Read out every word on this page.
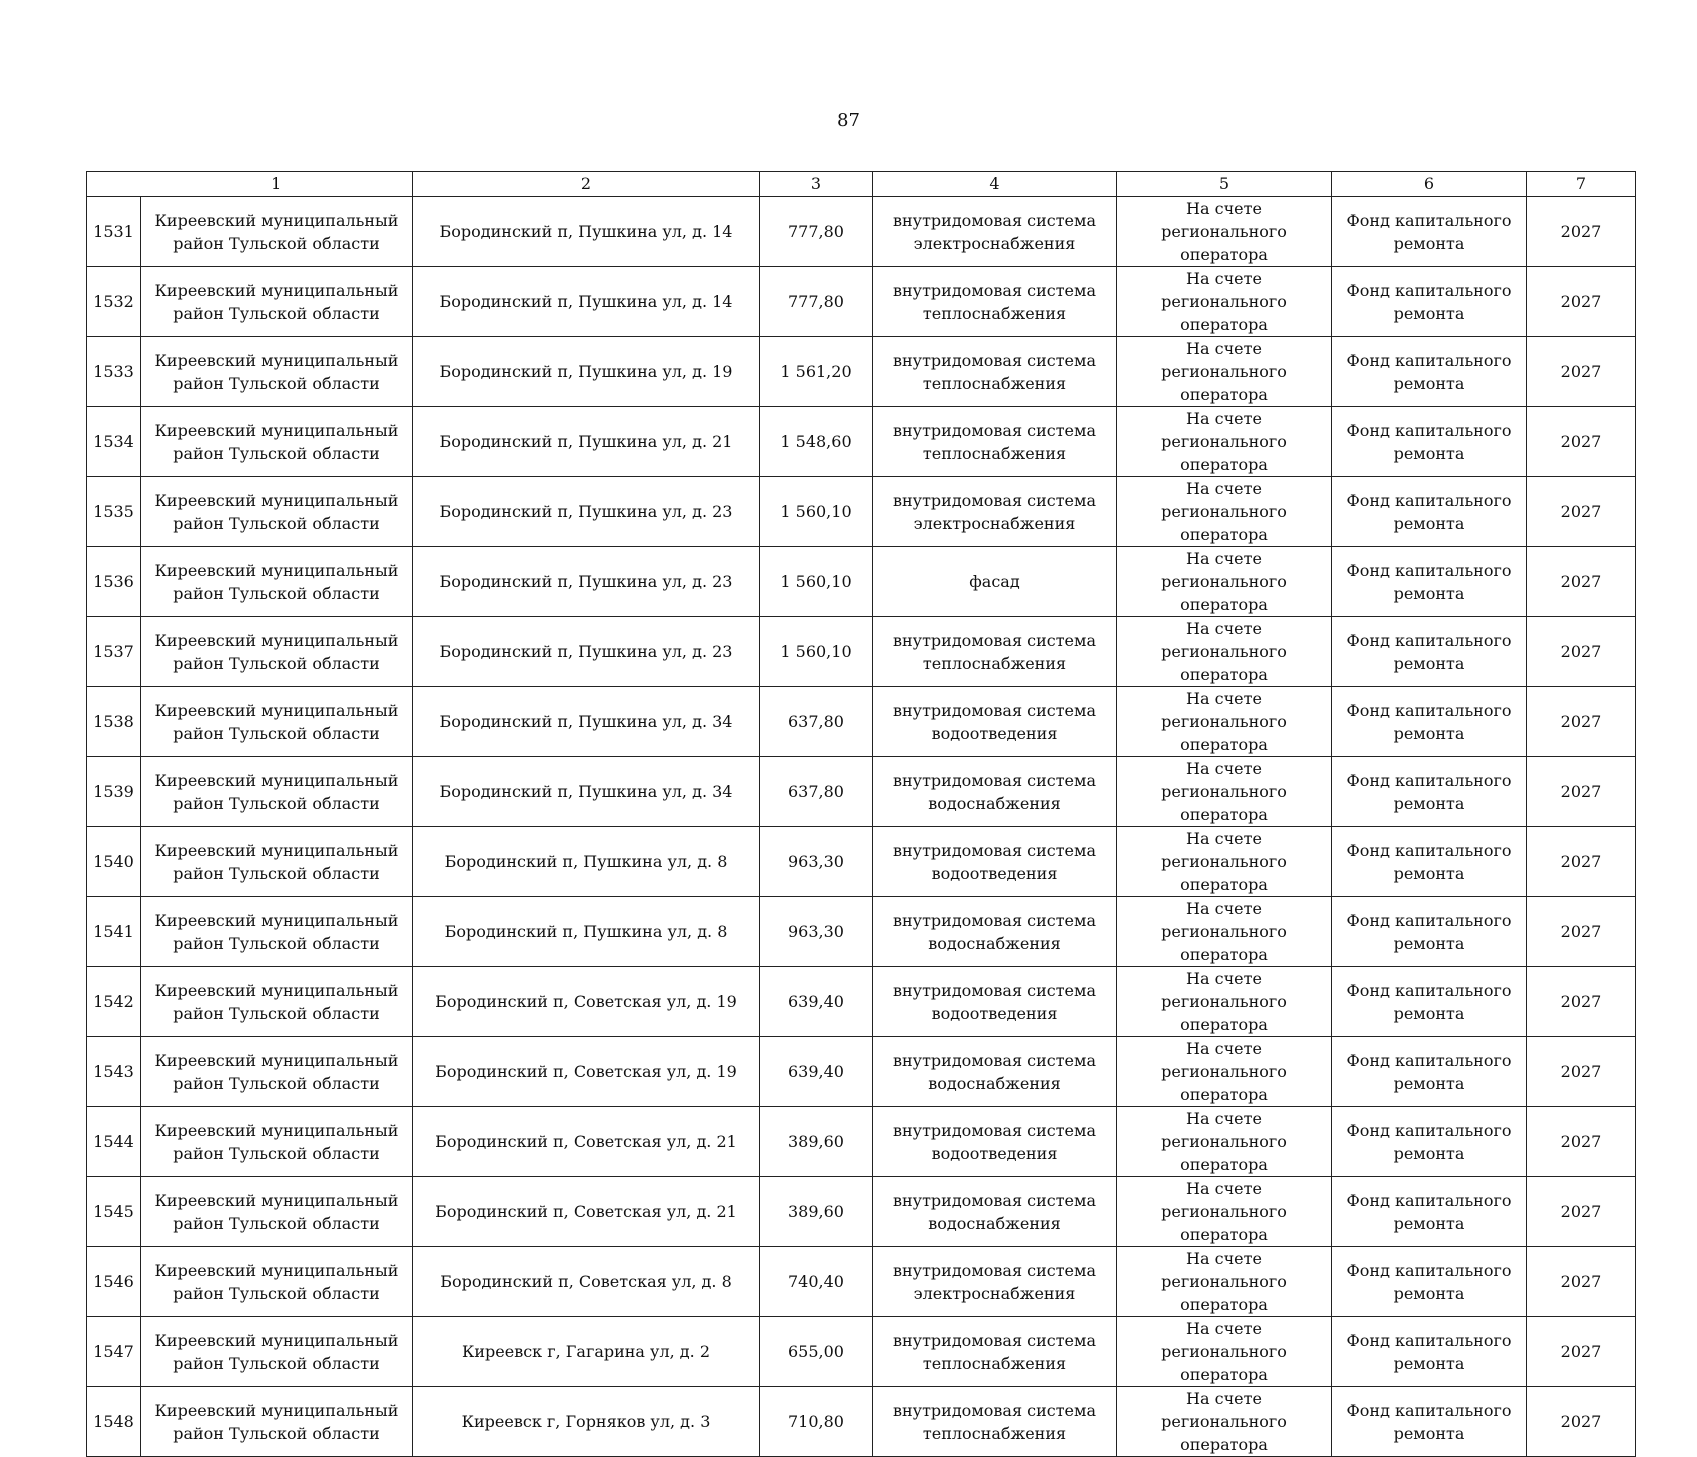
87
	1	2	3	4	5	6	7
1531	Киреевский муниципальный район Тульской области	Бородинский п, Пушкина ул, д. 14	777,80	внутридомовая система электроснабжения	На счете регионального оператора	Фонд капитального ремонта	2027
1532	Киреевский муниципальный район Тульской области	Бородинский п, Пушкина ул, д. 14	777,80	внутридомовая система теплоснабжения	На счете регионального оператора	Фонд капитального ремонта	2027
1533	Киреевский муниципальный район Тульской области	Бородинский п, Пушкина ул, д. 19	1 561,20	внутридомовая система теплоснабжения	На счете регионального оператора	Фонд капитального ремонта	2027
1534	Киреевский муниципальный район Тульской области	Бородинский п, Пушкина ул, д. 21	1 548,60	внутридомовая система теплоснабжения	На счете регионального оператора	Фонд капитального ремонта	2027
1535	Киреевский муниципальный район Тульской области	Бородинский п, Пушкина ул, д. 23	1 560,10	внутридомовая система электроснабжения	На счете регионального оператора	Фонд капитального ремонта	2027
1536	Киреевский муниципальный район Тульской области	Бородинский п, Пушкина ул, д. 23	1 560,10	фасад	На счете регионального оператора	Фонд капитального ремонта	2027
1537	Киреевский муниципальный район Тульской области	Бородинский п, Пушкина ул, д. 23	1 560,10	внутридомовая система теплоснабжения	На счете регионального оператора	Фонд капитального ремонта	2027
1538	Киреевский муниципальный район Тульской области	Бородинский п, Пушкина ул, д. 34	637,80	внутридомовая система водоотведения	На счете регионального оператора	Фонд капитального ремонта	2027
1539	Киреевский муниципальный район Тульской области	Бородинский п, Пушкина ул, д. 34	637,80	внутридомовая система водоснабжения	На счете регионального оператора	Фонд капитального ремонта	2027
1540	Киреевский муниципальный район Тульской области	Бородинский п, Пушкина ул, д. 8	963,30	внутридомовая система водоотведения	На счете регионального оператора	Фонд капитального ремонта	2027
1541	Киреевский муниципальный район Тульской области	Бородинский п, Пушкина ул, д. 8	963,30	внутридомовая система водоснабжения	На счете регионального оператора	Фонд капитального ремонта	2027
1542	Киреевский муниципальный район Тульской области	Бородинский п, Советская ул, д. 19	639,40	внутридомовая система водоотведения	На счете регионального оператора	Фонд капитального ремонта	2027
1543	Киреевский муниципальный район Тульской области	Бородинский п, Советская ул, д. 19	639,40	внутридомовая система водоснабжения	На счете регионального оператора	Фонд капитального ремонта	2027
1544	Киреевский муниципальный район Тульской области	Бородинский п, Советская ул, д. 21	389,60	внутридомовая система водоотведения	На счете регионального оператора	Фонд капитального ремонта	2027
1545	Киреевский муниципальный район Тульской области	Бородинский п, Советская ул, д. 21	389,60	внутридомовая система водоснабжения	На счете регионального оператора	Фонд капитального ремонта	2027
1546	Киреевский муниципальный район Тульской области	Бородинский п, Советская ул, д. 8	740,40	внутридомовая система электроснабжения	На счете регионального оператора	Фонд капитального ремонта	2027
1547	Киреевский муниципальный район Тульской области	Киреевск г, Гагарина ул, д. 2	655,00	внутридомовая система теплоснабжения	На счете регионального оператора	Фонд капитального ремонта	2027
1548	Киреевский муниципальный район Тульской области	Киреевск г, Горняков ул, д. 3	710,80	внутридомовая система теплоснабжения	На счете регионального оператора	Фонд капитального ремонта	2027
